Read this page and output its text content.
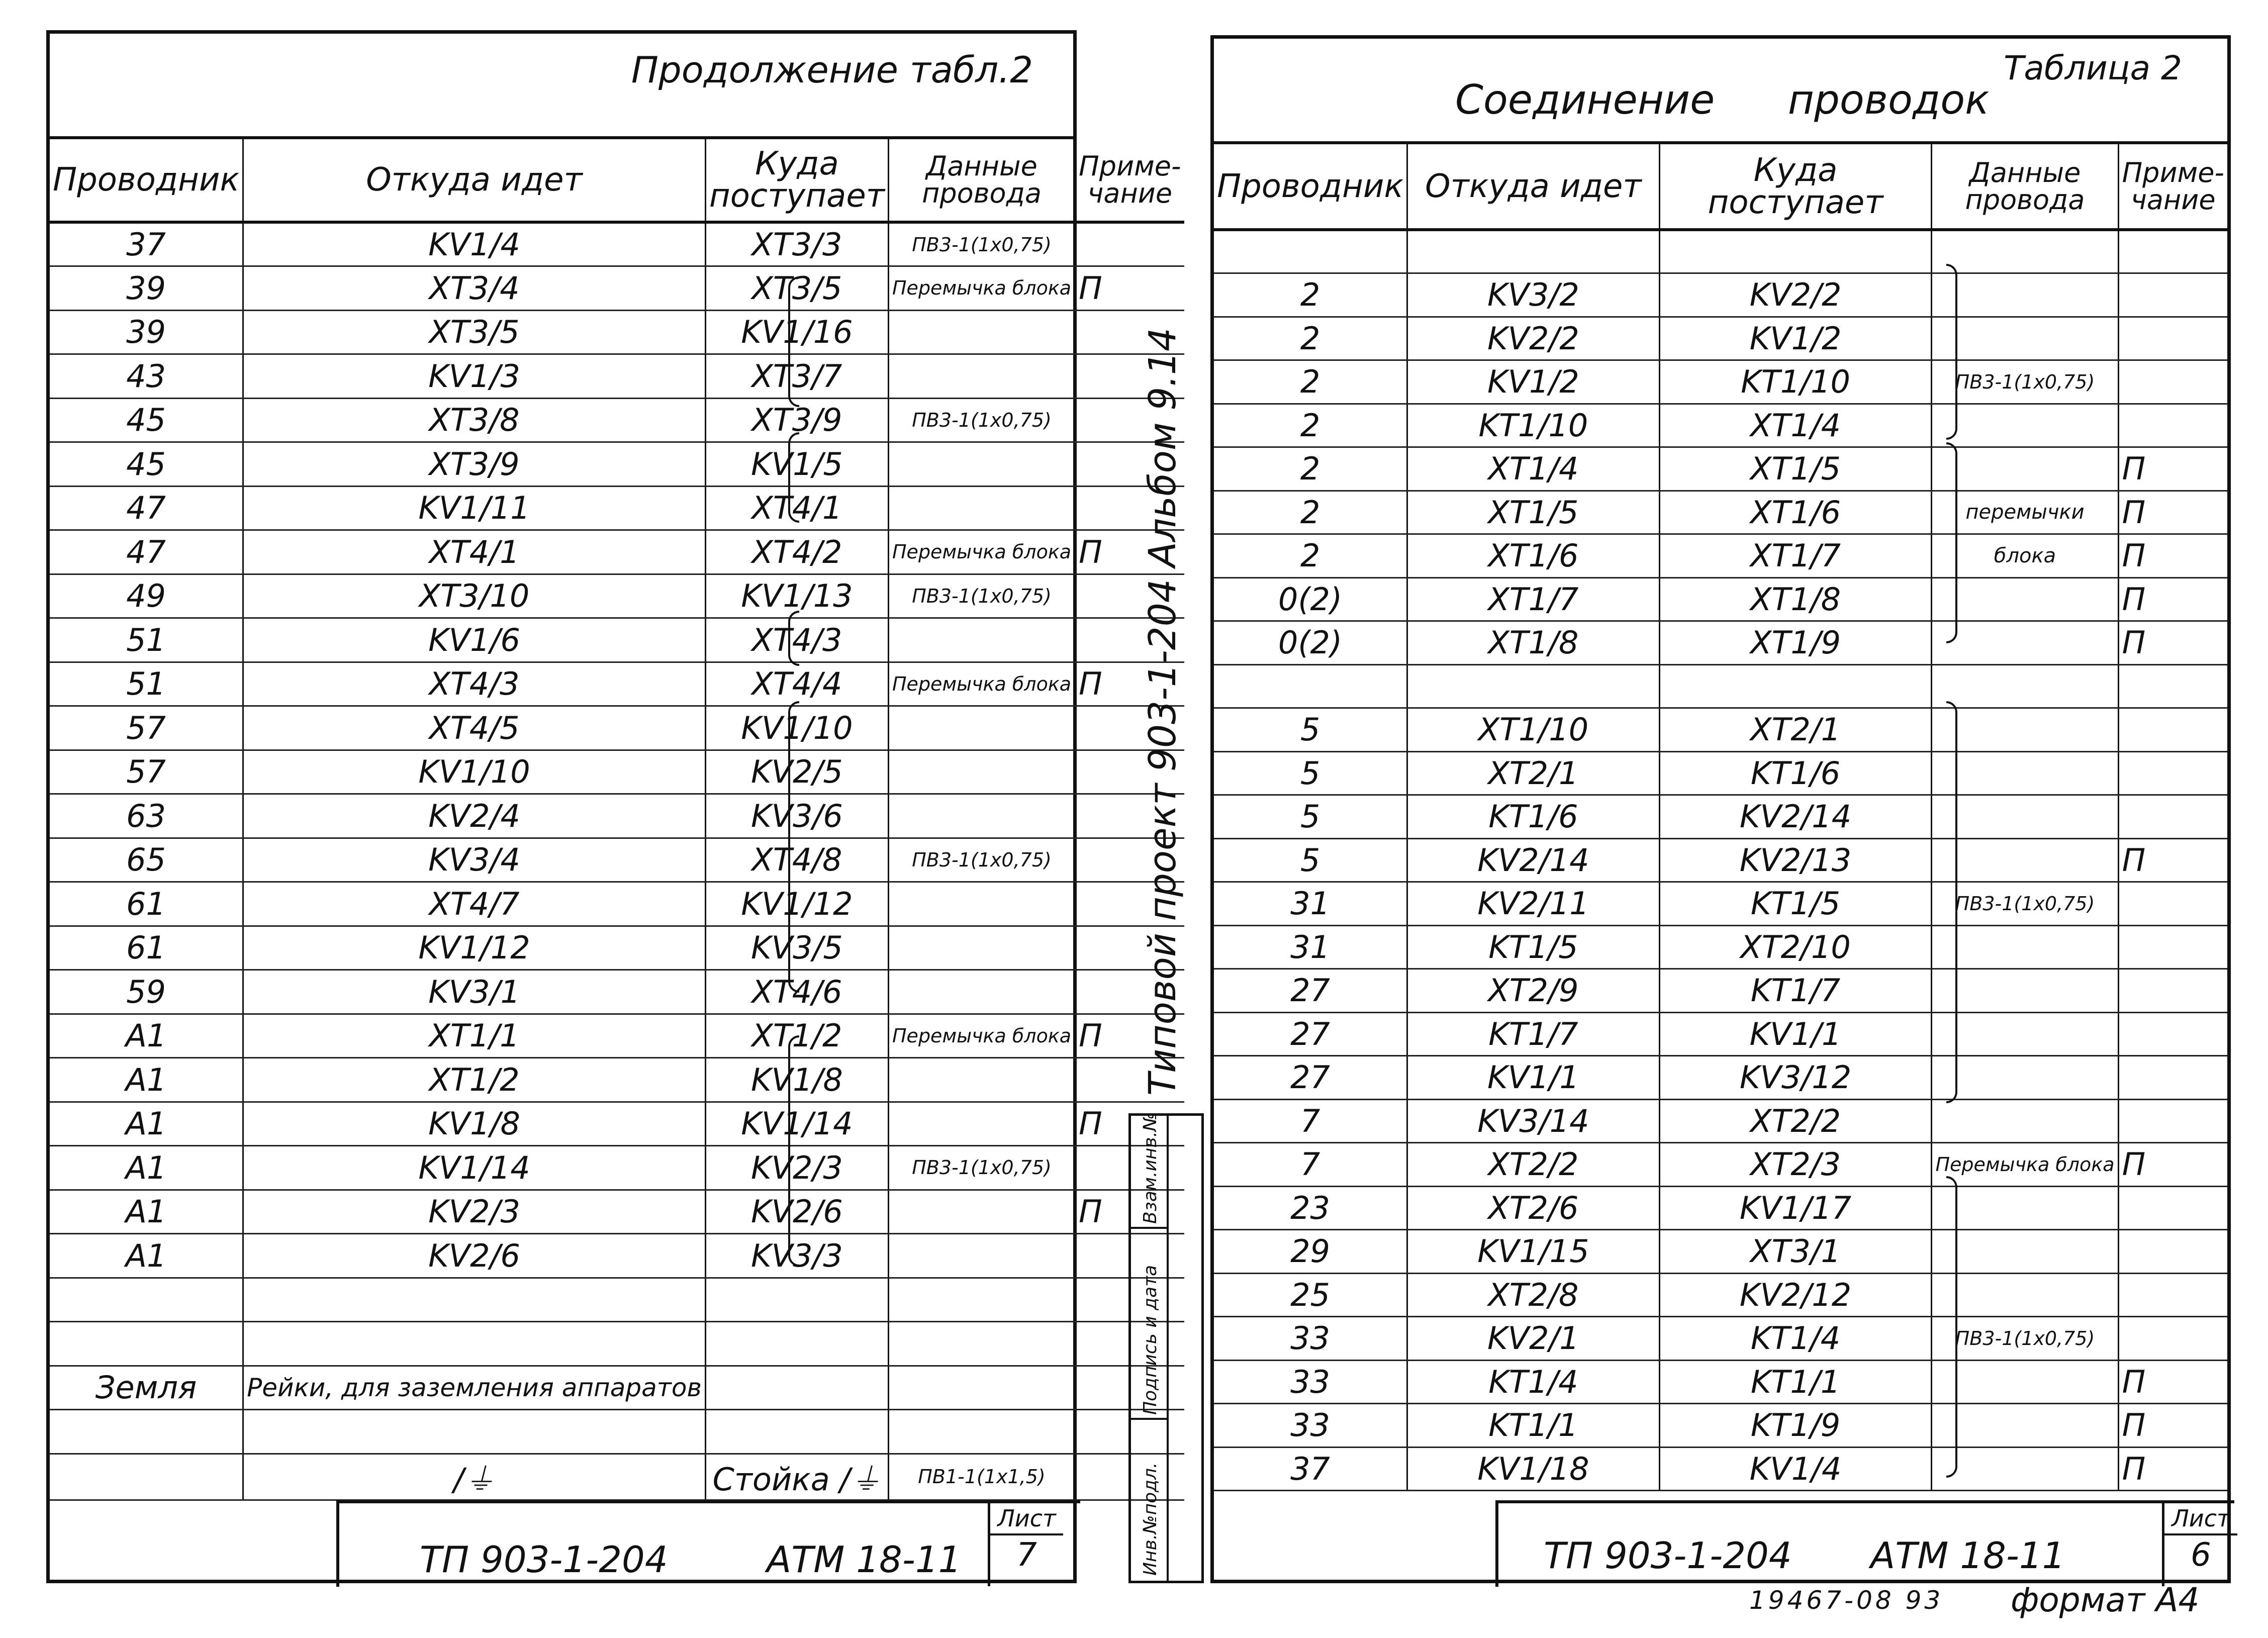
Продолжение табл.2
Проводник	Откуда идет	Куда поступает	Данные провода	Приме-чание
37	KV1/4	XT3/3	ПВ3-1(1х0,75)	
39	XT3/4	XT3/5	Перемычка блока	П
39	XT3/5	KV1/16		
43	KV1/3	XT3/7		
45	XT3/8	XT3/9	ПВ3-1(1х0,75)	
45	XT3/9	KV1/5		
47	KV1/11	XT4/1		
47	XT4/1	XT4/2	Перемычка блока	П
49	XT3/10	KV1/13	ПВ3-1(1х0,75)	
51	KV1/6	XT4/3		
51	XT4/3	XT4/4	Перемычка блока	П
57	XT4/5	KV1/10		
57	KV1/10	KV2/5		
63	KV2/4	KV3/6		
65	KV3/4	XT4/8	ПВ3-1(1х0,75)	
61	XT4/7	KV1/12		
61	KV1/12	KV3/5		
59	KV3/1	XT4/6		
A1	XT1/1	XT1/2	Перемычка блока	П
A1	XT1/2	KV1/8		
A1	KV1/8	KV1/14		П
A1	KV1/14	KV2/3	ПВ3-1(1х0,75)	
A1	KV2/3	KV2/6		П
A1	KV2/6	KV3/3		

Земля	Рейки, для заземления аппаратов			

	/⏚	Стойка /⏚	ПВ1-1(1х1,5)	
ТП 903-1-204	АТМ 18-11
Лист
7
Таблица 2
Соединение проводок
Проводник	Откуда идет	Куда поступает	Данные провода	Приме-чание

2	KV3/2	KV2/2		
2	KV2/2	KV1/2		
2	KV1/2	KT1/10	ПВ3-1(1х0,75)	
2	KT1/10	XT1/4		
2	XT1/4	XT1/5		П
2	XT1/5	XT1/6	перемычки	П
2	XT1/6	XT1/7	блока	П
0(2)	XT1/7	XT1/8		П
0(2)	XT1/8	XT1/9		П

5	XT1/10	XT2/1		
5	XT2/1	KT1/6		
5	KT1/6	KV2/14		
5	KV2/14	KV2/13		П
31	KV2/11	KT1/5	ПВ3-1(1х0,75)	
31	KT1/5	XT2/10		
27	XT2/9	KT1/7		
27	KT1/7	KV1/1		
27	KV1/1	KV3/12		
7	KV3/14	XT2/2		
7	XT2/2	XT2/3	Перемычка блока	П
23	XT2/6	KV1/17		
29	KV1/15	XT3/1		
25	XT2/8	KV2/12		
33	KV2/1	KT1/4	ПВ3-1(1х0,75)	
33	KT1/4	KT1/1		П
33	KT1/1	KT1/9		П
37	KV1/18	KV1/4		П
ТП 903-1-204 АТМ 18-11
Лист
6
Типовой проект 903-1-204 Альбом 9.14
Взам.инв.№
Подпись и дата
Инв.№подл.
19467-08 93 формат А4
